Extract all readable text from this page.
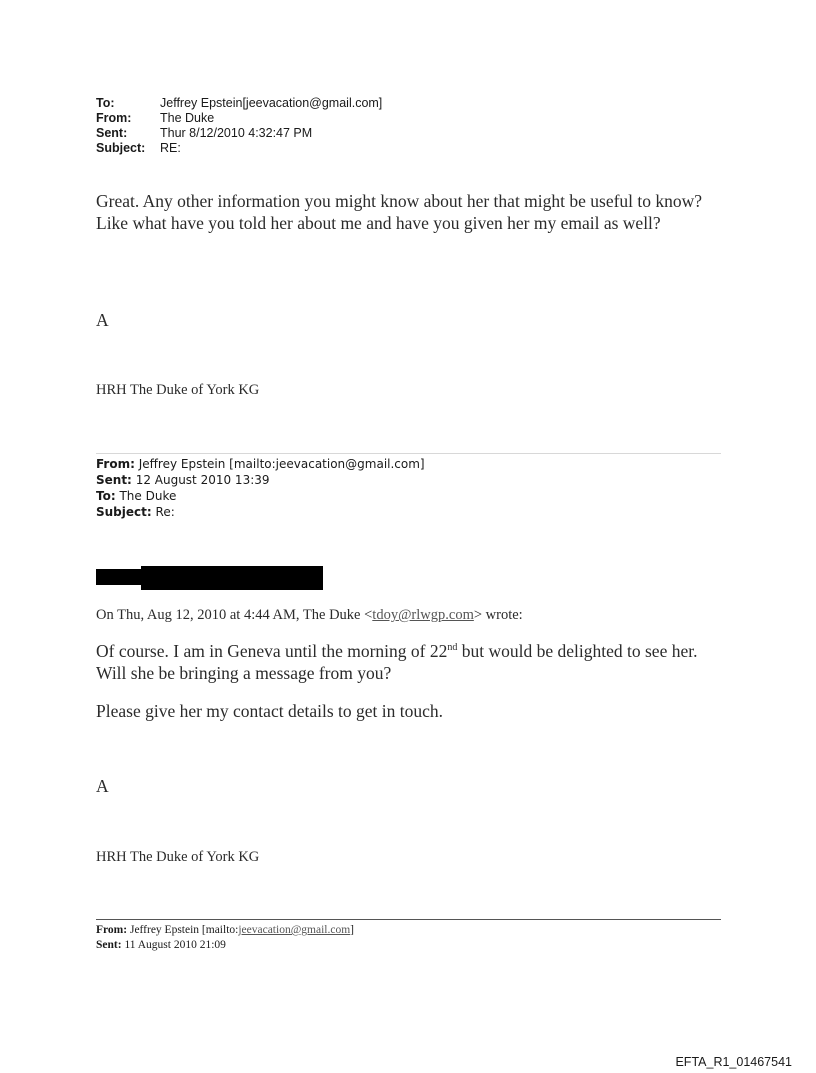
To:	Jeffrey Epstein[jeevacation@gmail.com]
From: The Duke
Sent:	Thur 8/12/2010 4:32:47 PM
Subject: RE:
Great. Any other information you might know about her that might be useful to know? Like what have you told her about me and have you given her my email as well?
A
HRH The Duke of York KG
From: Jeffrey Epstein [mailto:jeevacation@gmail.com]
Sent: 12 August 2010 13:39
To: The Duke
Subject: Re:
On Thu, Aug 12, 2010 at 4:44 AM, The Duke <tdoy@rlwgp.com> wrote:
Of course. I am in Geneva until the morning of 22nd but would be delighted to see her. Will she be bringing a message from you?
Please give her my contact details to get in touch.
A
HRH The Duke of York KG
From: Jeffrey Epstein [mailto:jeevacation@gmail.com]
Sent: 11 August 2010 21:09
EFTA_R1_01467541
